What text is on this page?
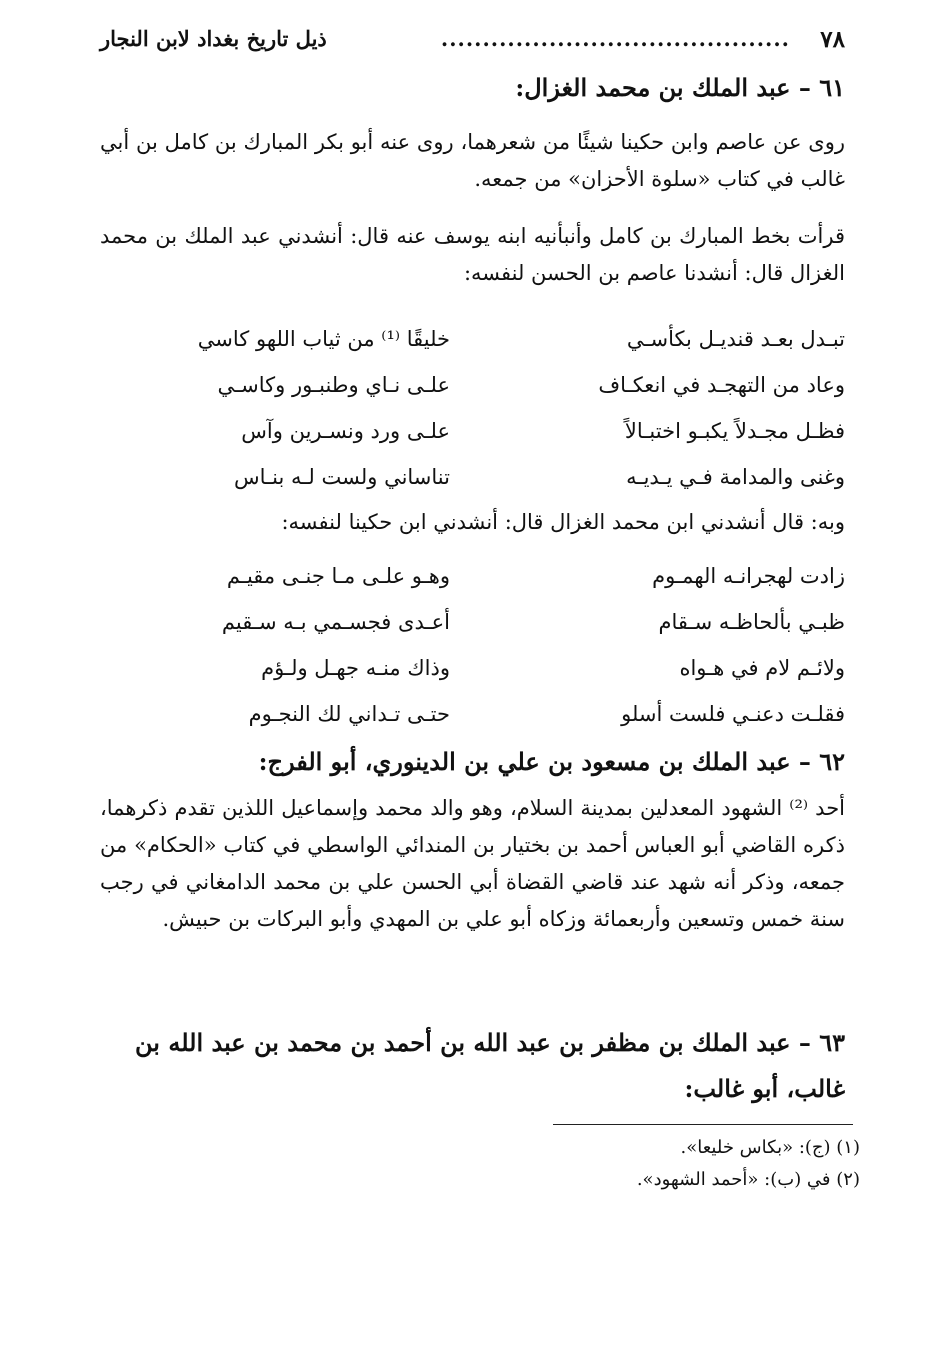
٧٨
..........................................
ذيل تاريخ بغداد لابن النجار
٦١ – عبد الملك بن محمد الغزال:
روى عن عاصم وابن حكينا شيئًا من شعرهما، روى عنه أبو بكر المبارك بن كامل بن أبي غالب في كتاب «سلوة الأحزان» من جمعه.
قرأت بخط المبارك بن كامل وأنبأنيه ابنه يوسف عنه قال: أنشدني عبد الملك بن محمد الغزال قال: أنشدنا عاصم بن الحسن لنفسه:
تبـدل بعـد قنديـل بكأسـي
خليقًا ⁽¹⁾ من ثياب اللهو كاسي
وعاد من التهجـد في انعكـاف
علـى نـاي وطنبـور وكاسـي
فظـل مجـدلاً يكبـو اختبـالاً
علـى ورد ونسـرين وآس
وغنى والمدامة فـي يـديـه
تناساني ولست لـه بنـاس
وبه: قال أنشدني ابن محمد الغزال قال: أنشدني ابن حكينا لنفسه:
زادت لهجرانـه الهمـوم
وهـو علـى مـا جنـى مقيـم
ظبـي بألحاظـه سـقام
أعـدى فجسـمي بـه سـقيم
ولائـم لام في هـواه
وذاك منـه جهـل ولـؤم
فقلـت دعنـي فلست أسلو
حتـى تـداني لك النجـوم
٦٢ – عبد الملك بن مسعود بن علي بن الدينوري، أبو الفرج:
أحد ⁽²⁾ الشهود المعدلين بمدينة السلام، وهو والد محمد وإسماعيل اللذين تقدم ذكرهما، ذكره القاضي أبو العباس أحمد بن بختيار بن المندائي الواسطي في كتاب «الحكام» من جمعه، وذكر أنه شهد عند قاضي القضاة أبي الحسن علي بن محمد الدامغاني في رجب سنة خمس وتسعين وأربعمائة وزكاه أبو علي بن المهدي وأبو البركات بن حبيش.
٦٣ – عبد الملك بن مظفر بن عبد الله بن أحمد بن محمد بن عبد الله بن غالب، أبو غالب:
(١) (ج): «بكاس خليعا».
(٢) في (ب): «أحمد الشهود».
